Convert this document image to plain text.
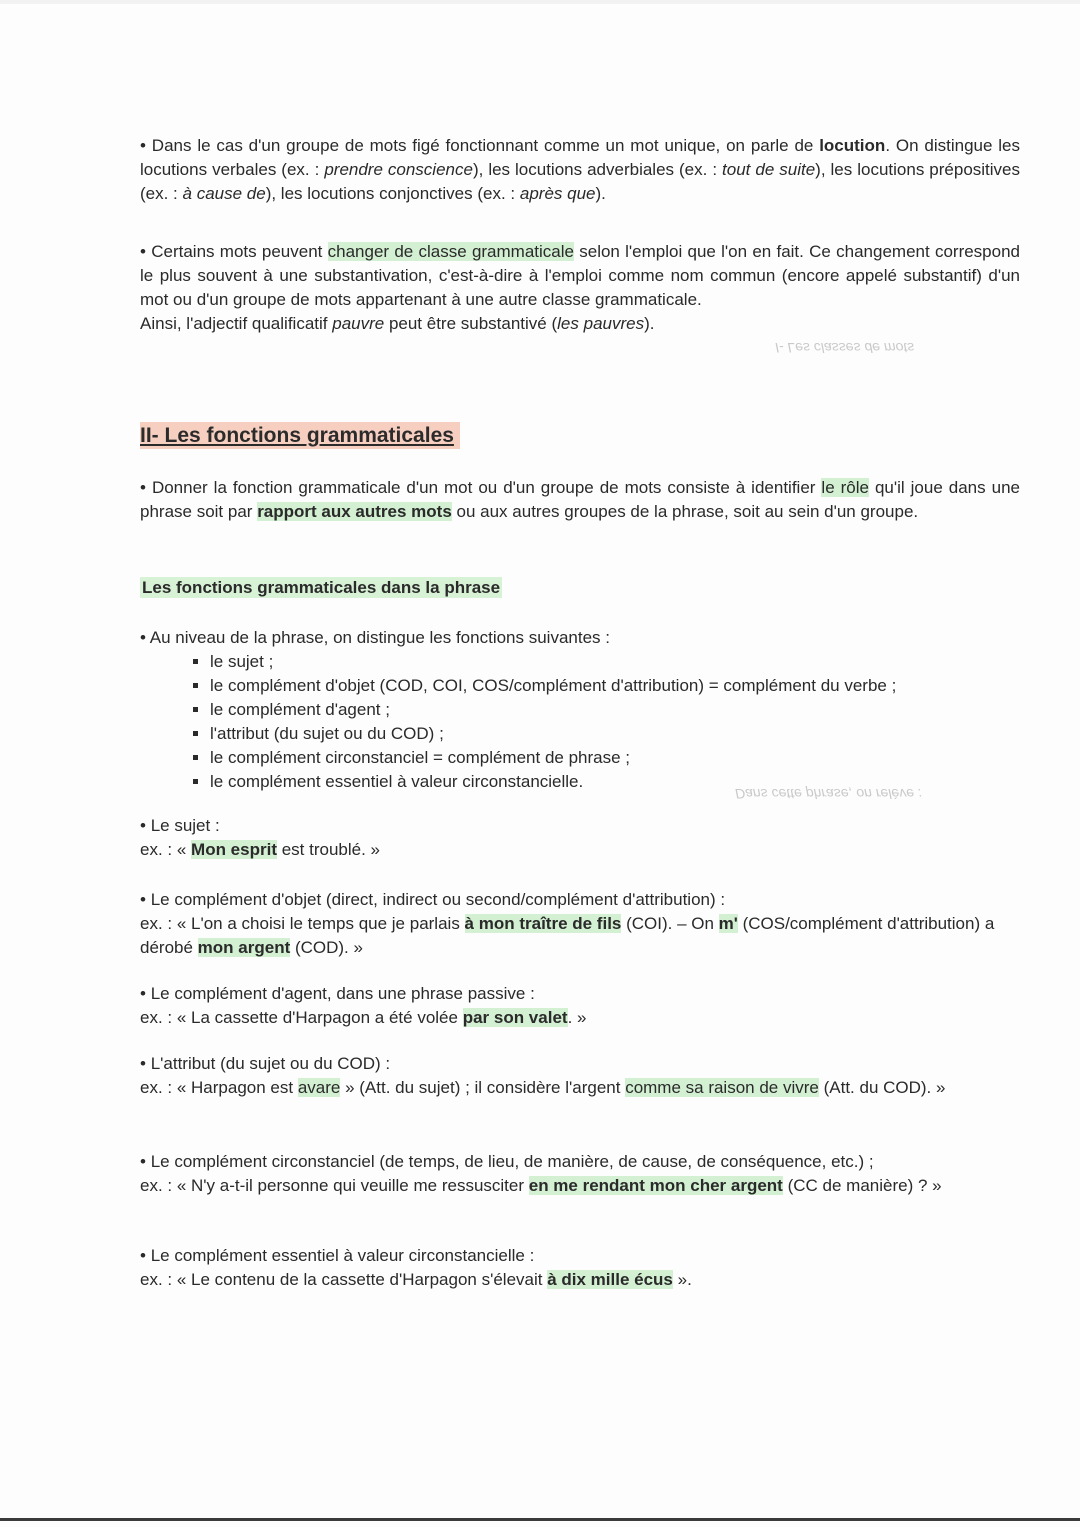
I- Les classes de mots
Dans cette phrase, on relève :
• Dans le cas d'un groupe de mots figé fonctionnant comme un mot unique, on parle de locution. On distingue les locutions verbales (ex. : prendre conscience), les locutions adverbiales (ex. : tout de suite), les locutions prépositives (ex. : à cause de), les locutions conjonctives (ex. : après que).
• Certains mots peuvent changer de classe grammaticale selon l'emploi que l'on en fait. Ce changement correspond le plus souvent à une substantivation, c'est-à-dire à l'emploi comme nom commun (encore appelé substantif) d'un mot ou d'un groupe de mots appartenant à une autre classe grammaticale.
Ainsi, l'adjectif qualificatif pauvre peut être substantivé (les pauvres).
II- Les fonctions grammaticales
• Donner la fonction grammaticale d'un mot ou d'un groupe de mots consiste à identifier le rôle qu'il joue dans une phrase soit par rapport aux autres mots ou aux autres groupes de la phrase, soit au sein d'un groupe.
Les fonctions grammaticales dans la phrase
• Au niveau de la phrase, on distingue les fonctions suivantes :
▪ le sujet ;
▪ le complément d'objet (COD, COI, COS/complément d'attribution) = complément du verbe ;
▪ le complément d'agent ;
▪ l'attribut (du sujet ou du COD) ;
▪ le complément circonstanciel = complément de phrase ;
▪ le complément essentiel à valeur circonstancielle.
• Le sujet :
ex. : « Mon esprit est troublé. »
• Le complément d'objet (direct, indirect ou second/complément d'attribution) :
ex. : « L'on a choisi le temps que je parlais à mon traître de fils (COI). – On m' (COS/complément d'attribution) a dérobé mon argent (COD). »
• Le complément d'agent, dans une phrase passive :
ex. : « La cassette d'Harpagon a été volée par son valet. »
• L'attribut (du sujet ou du COD) :
ex. : « Harpagon est avare » (Att. du sujet) ; il considère l'argent comme sa raison de vivre (Att. du COD). »
• Le complément circonstanciel (de temps, de lieu, de manière, de cause, de conséquence, etc.) ;
ex. : « N'y a-t-il personne qui veuille me ressusciter en me rendant mon cher argent (CC de manière) ? »
• Le complément essentiel à valeur circonstancielle :
ex. : « Le contenu de la cassette d'Harpagon s'élevait à dix mille écus ».
